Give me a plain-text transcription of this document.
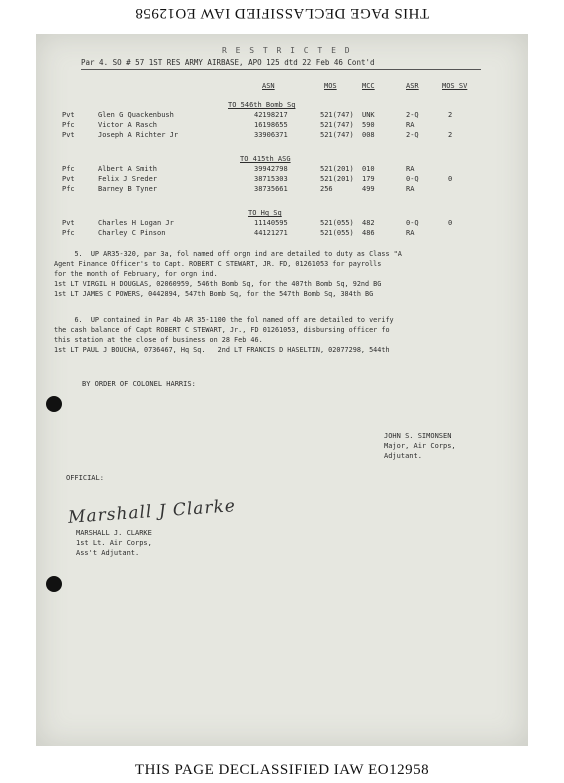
THIS PAGE DECLASSIFIED IAW EO12958
R E S T R I C T E D
Par 4. SO # 57 1ST RES ARMY AIRBASE, APO 125 dtd 22 Feb 46 Cont'd
ASN	MOS	MCC	ASR	MOS SV
TO 546th Bomb Sq
Pvt	Glen G Quackenbush	42198217	521(747) UNK	2-Q	2
Pfc	Victor A Rasch	16198655	521(747) 590	RA
Pvt	Joseph A Richter Jr	33906371	521(747) 008	2-Q	2
TO 415th ASG
Pfc	Albert A Smith	39942798	521(201) 010	RA
Pvt	Felix J Sreder	38715303	521(201) 179	0-Q	0
Pfc	Barney B Tyner	38735661	256	499	RA
TO Hq Sq
Pvt	Charles H Logan Jr	11140595	521(055) 482	0-Q	0
Pfc	Charley C Pinson	44121271	521(055) 486	RA
5.  UP AR35-320, par 3a, fol named off orgn ind are detailed to duty as Class "A
Agent Finance Officer's to Capt. ROBERT C STEWART, JR. FD, 01261053 for payrolls
for the month of February, for orgn ind.
1st LT VIRGIL H DOUGLAS, 02060959, 546th Bomb Sq, for the 407th Bomb Sq, 92nd BG
1st LT JAMES C POWERS, 0442894, 547th Bomb Sq, for the 547th Bomb Sq, 384th BG
6.  UP contained in Par 4b AR 35-1100 the fol named off are detailed to verify
the cash balance of Capt ROBERT C STEWART, Jr., FD 01261053, disbursing officer fo
this station at the close of business on 28 Feb 46.
1st LT PAUL J BOUCHA, 0736467, Hq Sq.   2nd LT FRANCIS D HASELTIN, 02077298, 544th
BY ORDER OF COLONEL HARRIS:
JOHN S. SIMONSEN
Major, Air Corps,
Adjutant.
OFFICIAL:
Marshall J Clarke
MARSHALL J. CLARKE
1st Lt. Air Corps,
Ass't Adjutant.
THIS PAGE DECLASSIFIED IAW EO12958
